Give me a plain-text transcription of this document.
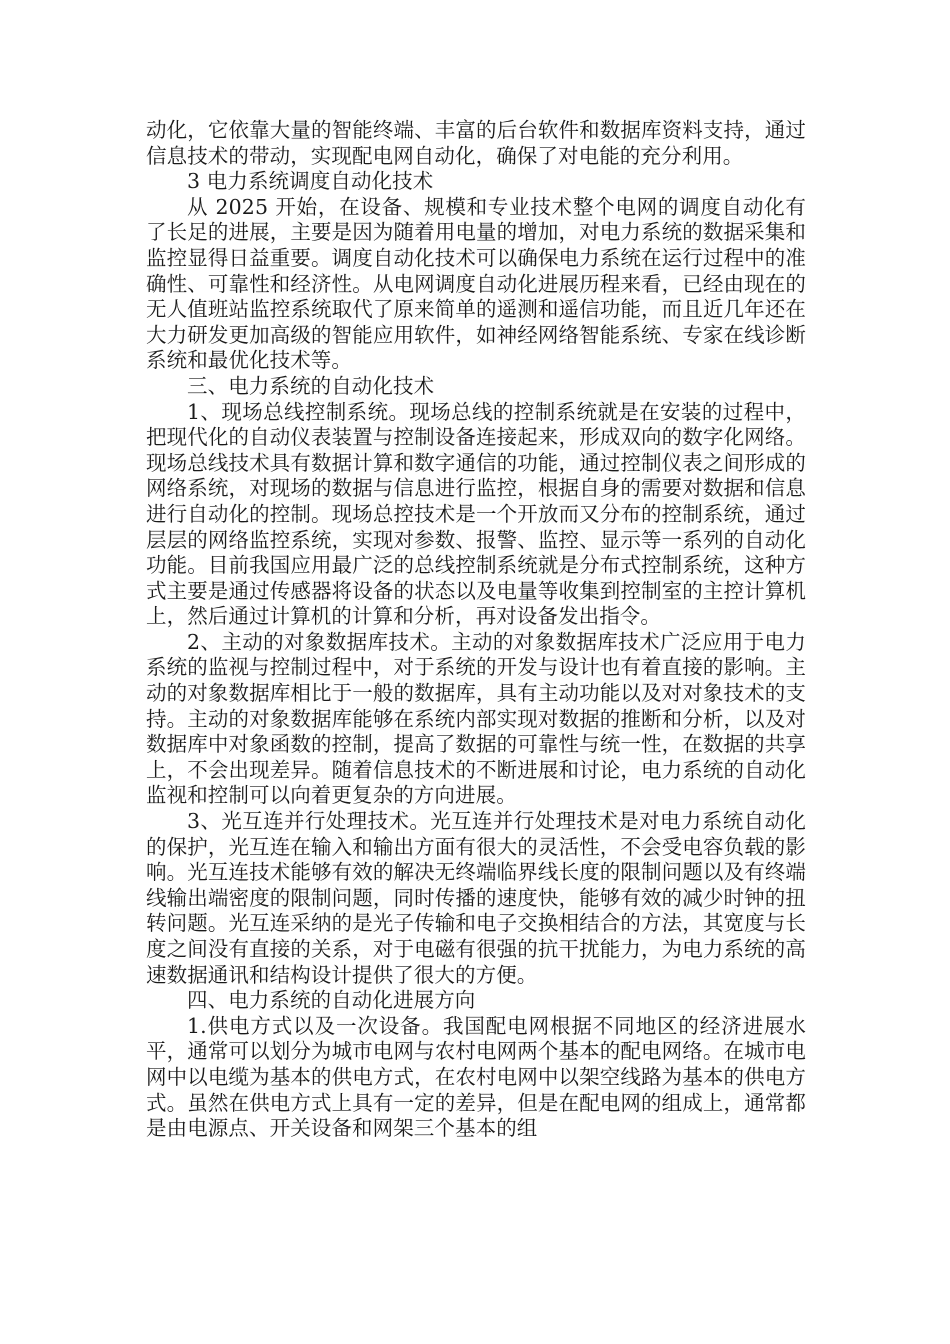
动化，它依靠大量的智能终端、丰富的后台软件和数据库资料支持，通过信息技术的带动，实现配电网自动化，确保了对电能的充分利用。

3 电力系统调度自动化技术

从 2025 开始，在设备、规模和专业技术整个电网的调度自动化有了长足的进展，主要是因为随着用电量的增加，对电力系统的数据采集和监控显得日益重要。调度自动化技术可以确保电力系统在运行过程中的准确性、可靠性和经济性。从电网调度自动化进展历程来看，已经由现在的无人值班站监控系统取代了原来简单的遥测和遥信功能，而且近几年还在大力研发更加高级的智能应用软件，如神经网络智能系统、专家在线诊断系统和最优化技术等。

三、电力系统的自动化技术

1、现场总线控制系统。现场总线的控制系统就是在安装的过程中，把现代化的自动仪表装置与控制设备连接起来，形成双向的数字化网络。现场总线技术具有数据计算和数字通信的功能，通过控制仪表之间形成的网络系统，对现场的数据与信息进行监控，根据自身的需要对数据和信息进行自动化的控制。现场总控技术是一个开放而又分布的控制系统，通过层层的网络监控系统，实现对参数、报警、监控、显示等一系列的自动化功能。目前我国应用最广泛的总线控制系统就是分布式控制系统，这种方式主要是通过传感器将设备的状态以及电量等收集到控制室的主控计算机上，然后通过计算机的计算和分析，再对设备发出指令。

2、主动的对象数据库技术。主动的对象数据库技术广泛应用于电力系统的监视与控制过程中，对于系统的开发与设计也有着直接的影响。主动的对象数据库相比于一般的数据库，具有主动功能以及对对象技术的支持。主动的对象数据库能够在系统内部实现对数据的推断和分析，以及对数据库中对象函数的控制，提高了数据的可靠性与统一性，在数据的共享上，不会出现差异。随着信息技术的不断进展和讨论，电力系统的自动化监视和控制可以向着更复杂的方向进展。

3、光互连并行处理技术。光互连并行处理技术是对电力系统自动化的保护，光互连在输入和输出方面有很大的灵活性，不会受电容负载的影响。光互连技术能够有效的解决无终端临界线长度的限制问题以及有终端线输出端密度的限制问题，同时传播的速度快，能够有效的减少时钟的扭转问题。光互连采纳的是光子传输和电子交换相结合的方法，其宽度与长度之间没有直接的关系，对于电磁有很强的抗干扰能力，为电力系统的高速数据通讯和结构设计提供了很大的方便。

四、电力系统的自动化进展方向

1.供电方式以及一次设备。我国配电网根据不同地区的经济进展水平，通常可以划分为城市电网与农村电网两个基本的配电网络。在城市电网中以电缆为基本的供电方式，在农村电网中以架空线路为基本的供电方式。虽然在供电方式上具有一定的差异，但是在配电网的组成上，通常都是由电源点、开关设备和网架三个基本的组
